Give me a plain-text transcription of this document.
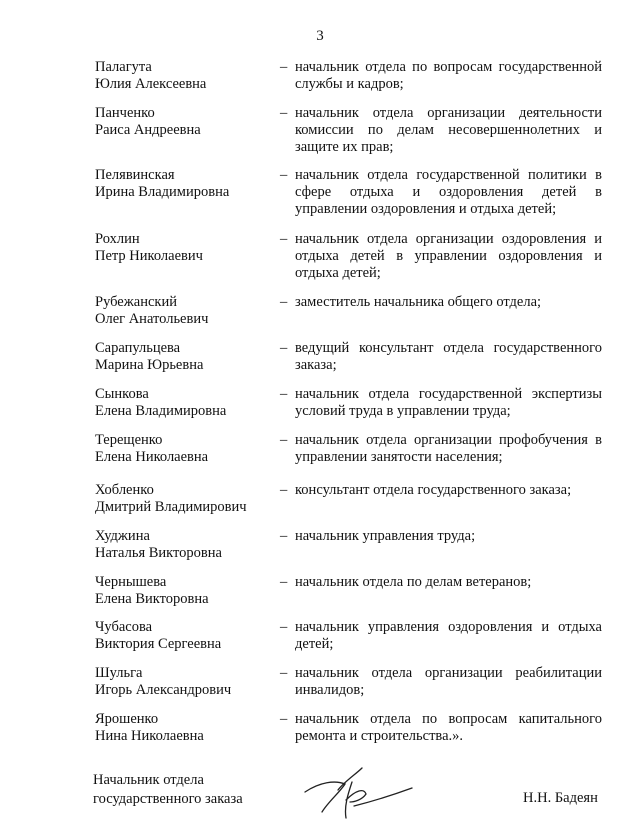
3
Палагута
Юлия Алексеевна
– начальник отдела по вопросам государственной службы и кадров;
Панченко
Раиса Андреевна
– начальник отдела организации деятельности комиссии по делам несовершеннолетних и защите их прав;
Пелявинская
Ирина Владимировна
– начальник отдела государственной политики в сфере отдыха и оздоровления детей в управлении оздоровления и отдыха детей;
Рохлин
Петр Николаевич
– начальник отдела организации оздоровления и отдыха детей в управлении оздоровления и отдыха детей;
Рубежанский
Олег Анатольевич
– заместитель начальника общего отдела;
Сарапульцева
Марина Юрьевна
– ведущий консультант отдела государственного заказа;
Сынкова
Елена Владимировна
– начальник отдела государственной экспертизы условий труда в управлении труда;
Терещенко
Елена Николаевна
– начальник отдела организации профобучения в управлении занятости населения;
Хобленко
Дмитрий Владимирович
– консультант отдела государственного заказа;
Худжина
Наталья Викторовна
– начальник управления труда;
Чернышева
Елена Викторовна
– начальник отдела по делам ветеранов;
Чубасова
Виктория Сергеевна
– начальник управления оздоровления и отдыха детей;
Шульга
Игорь Александрович
– начальник отдела организации реабилитации инвалидов;
Ярошенко
Нина Николаевна
– начальник отдела по вопросам капитального ремонта и строительства.».
Начальник отдела
государственного заказа	Н.Н. Бадеян
